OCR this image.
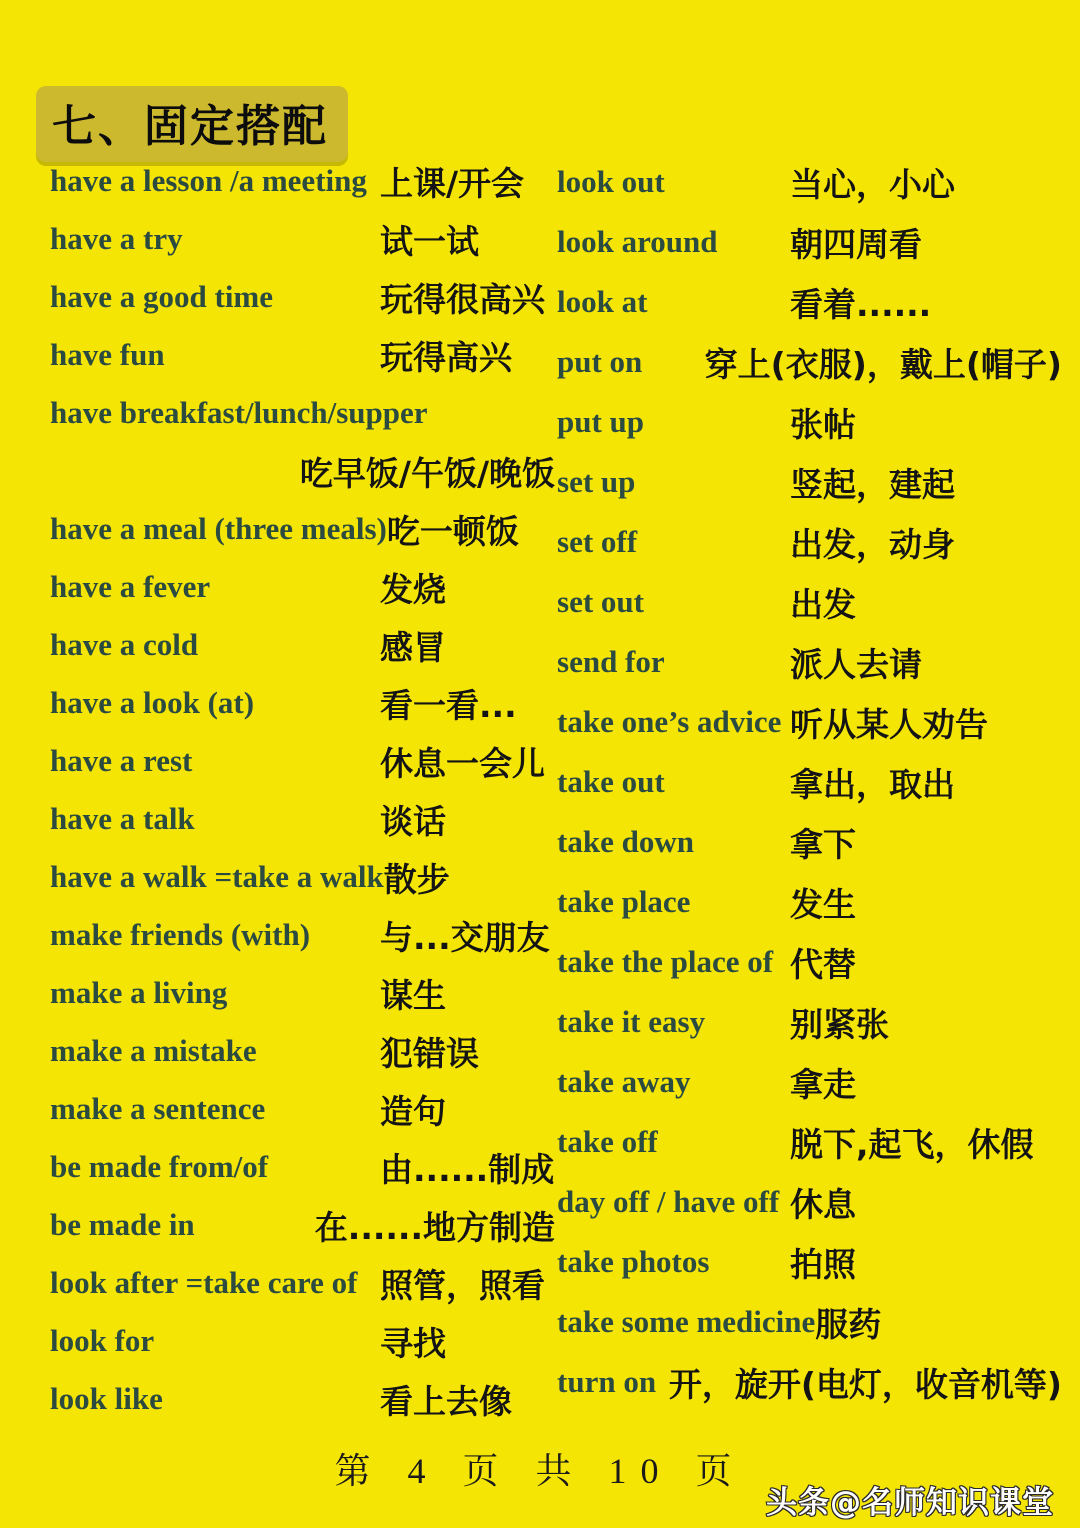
七、固定搭配
have a lesson /a meeting 上课/开会
have a try	试一试
have a good time	玩得很高兴
have fun	玩得高兴
have breakfast/lunch/supper
吃早饭/午饭/晚饭
have a meal (three meals) 吃一顿饭
have a fever	发烧
have a cold	感冒
have a look (at)	看一看...
have a rest	休息一会儿
have a talk	谈话
have a walk =take a walk 散步
make friends (with)	与...交朋友
make a living	谋生
make a mistake	犯错误
make a sentence	造句
be made from/of	由......制成
be made in	在......地方制造
look after =take care of 照管，照看
look for	寻找
look like	看上去像
look out	当心，小心
look around	朝四周看
look at	看着......
put on	穿上(衣服)，戴上(帽子)
put up	张帖
set up	竖起，建起
set off	出发，动身
set out	出发
send for	派人去请
take one’s advice 听从某人劝告
take out	拿出，取出
take down	拿下
take place	发生
take the place of 代替
take it easy	别紧张
take away	拿走
take off	脱下,起飞，休假
day off / have off 休息
take photos	拍照
take some medicine 服药
turn on 开，旋开(电灯，收音机等)
第 4 页 共 10 页
头条@名师知识课堂
